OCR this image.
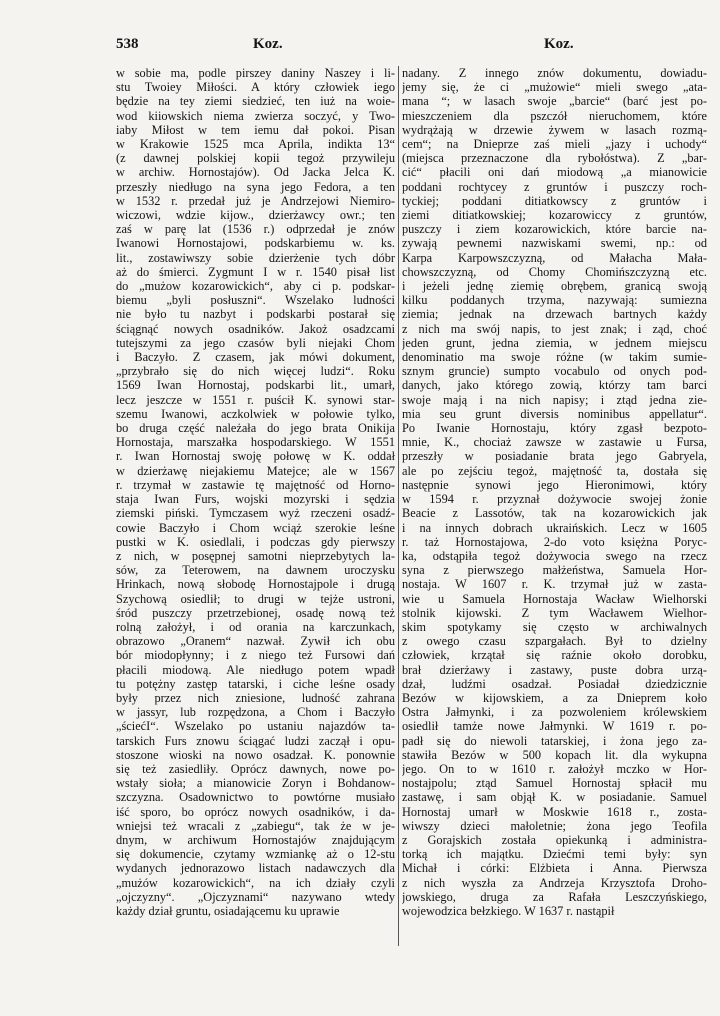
538	Koz.	Koz.
w sobie ma, podle pirszey daniny Naszey i li-
stu Twoiey Miłości. A który człowiek iego
będzie na tey ziemi siedzieć, ten iuż na woie-
wod kiiowskich niema zwierza soczyć, y Two-
iaby Miłost w tem iemu dał pokoi. Pisan
w Krakowie 1525 mca Aprila, indikta 13“
(z dawnej polskiej kopii tegoż przywileju
w archiw. Hornostajów). Od Jacka Jelca K.
przeszły niedługo na syna jego Fedora, a ten
w 1532 r. przedał już je Andrzejowi Niemiro-
wiczowi, wdzie kijow., dzierżawcy owr.; ten
zaś w parę lat (1536 r.) odprzedał je znów
Iwanowi Hornostajowi, podskarbiemu w. ks.
lit., zostawiwszy sobie dzierżenie tych dóbr
aż do śmierci. Zygmunt I w r. 1540 pisał list
do „mużow kozarowickich“, aby ci p. podskar-
biemu „byli posłuszni“. Wszelako ludności
nie było tu nazbyt i podskarbi postarał się
ściągnąć nowych osadników. Jakoż osadzcami
tutejszymi za jego czasów byli niejaki Chom
i Baczyło. Z czasem, jak mówi dokument,
„przybrało się do nich więcej ludzi“. Roku
1569 Iwan Hornostaj, podskarbi lit., umarł,
lecz jeszcze w 1551 r. puścił K. synowi star-
szemu Iwanowi, aczkolwiek w połowie tylko,
bo druga część należała do jego brata Onikija
Hornostaja, marszałka hospodarskiego. W 1551
r. Iwan Hornostaj swoję połowę w K. oddał
w dzierżawę niejakiemu Matejce; ale w 1567
r. trzymał w zastawie tę majętność od Horno-
staja Iwan Furs, wojski mozyrski i sędzia
ziemski piński. Tymczasem wyż rzeczeni osadź-
cowie Baczyło i Chom wciąż szerokie leśne
pustki w K. osiedlali, i podczas gdy pierwszy
z nich, w posępnej samotni nieprzebytych la-
sów, za Teterowem, na dawnem uroczysku
Hrinkach, nową słobodę Hornostajpole i drugą
Szychową osiedlił; to drugi w tejże ustroni,
śród puszczy przetrzebionej, osadę nową też
rolną założył, i od orania na karczunkach,
obrazowo „Oranem“ nazwał. Zywił ich obu
bór miodopłynny; i z niego też Fursowi dań
płacili miodową. Ale niedługo potem wpadł
tu potężny zastęp tatarski, i ciche leśne osady
były przez nich zniesione, ludność zahrana
w jassyr, lub rozpędzona, a Chom i Baczyło
„ściećI“. Wszelako po ustaniu najazdów ta-
tarskich Furs znowu ściągać ludzi zaczął i opu-
stoszone wioski na nowo osadzał. K. ponownie
się też zasiedliły. Oprócz dawnych, nowe po-
wstały sioła; a mianowicie Zoryn i Bohdanow-
szczyzna. Osadownictwo to powtórne musiało
iść sporo, bo oprócz nowych osadników, i da-
wniejsi też wracali z „zabiegu“, tak że w je-
dnym, w archiwum Hornostajów znajdującym
się dokumencie, czytamy wzmiankę aż o 12-stu
wydanych jednorazowo listach nadawczych dla
„mużów kozarowickich“, na ich działy czyli
„ojczyzny“. „Ojczyznami“ nazywano wtedy
każdy dział gruntu, osiadającemu ku uprawie
nadany. Z innego znów dokumentu, dowiadu-
jemy się, że ci „mużowie“ mieli swego „ata-
mana “; w lasach swoje „barcie“ (barć jest po-
mieszczeniem dla pszczół nieruchomem, które
wydrążają w drzewie żywem w lasach rozmą-
cem“; na Dnieprze zaś mieli „jazy i uchody“
(miejsca przeznaczone dla rybołóstwa). Z „bar-
cić“ płacili oni dań miodową „a mianowicie
poddani rochtycey z gruntów i puszczy roch-
tyckiej; poddani ditiatkowscy z gruntów i
ziemi ditiatkowskiej; kozarowiccy z gruntów,
puszczy i ziem kozarowickich, które barcie na-
zywają pewnemi nazwiskami swemi, np.: od
Karpa Karpowszczyzną, od Małacha Mała-
chowszczyzną, od Chomy Chomińszczyzną etc.
i jeżeli jednę ziemię obrębem, granicą swoją
kilku poddanych trzyma, nazywają: sumiezna
ziemia; jednak na drzewach bartnych każdy
z nich ma swój napis, to jest znak; i ząd, choć
jeden grunt, jedna ziemia, w jednem miejscu
denominatio ma swoje różne (w takim sumie-
sznym gruncie) sumpto vocabulo od onych pod-
danych, jako którego zowią, którzy tam barci
swoje mają i na nich napisy; i ztąd jedna zie-
mia seu grunt diversis nominibus appellatur“.
Po Iwanie Hornostaju, który zgasł bezpoto-
mnie, K., chociaż zawsze w zastawie u Fursa,
przeszły w posiadanie brata jego Gabryela,
ale po zejściu tegoż, majętność ta, dostała się
następnie synowi jego Hieronimowi, który
w 1594 r. przyznał dożywocie swojej żonie
Beacie z Lassotów, tak na kozarowickich jak
i na innych dobrach ukraińskich. Lecz w 1605
r. taż Hornostajowa, 2-do voto księżna Poryc-
ka, odstąpiła tegoż dożywocia swego na rzecz
syna z pierwszego małżeństwa, Samuela Hor-
nostaja. W 1607 r. K. trzymał już w zastа-
wie u Samuela Hornostaja Wacław Wielhorski
stolnik kijowski. Z tym Wacławem Wielhor-
skim spotykamy się często w archiwalnych
z owego czasu szpargałach. Był to dzielny
człowiek, krzątał się raźnie około dorobku,
brał dzierżawy i zastawy, puste dobra urzą-
dzał, ludźmi osadzał. Posiadał dziedzicznie
Bezów w kijowskiem, a za Dnieprem koło
Ostra Jałmynki, i za pozwoleniem królewskiem
osiedlił tamże nowe Jałmynki. W 1619 r. po-
padł się do niewoli tatarskiej, i żona jego za-
stawiła Bezów w 500 kopach lit. dla wykupna
jego. On to w 1610 r. założył mczko w Hor-
nostajpolu; ztąd Samuel Hornostaj spłacił mu
zastawę, i sam objął K. w posiadanie. Samuel
Hornostaj umarł w Moskwie 1618 r., zosta-
wiwszy dzieci małoletnie; żona jego Teofila
z Gorajskich została opiekunką i administra-
torką ich majątku. Dziećmi temi były: syn
Michał i córki: Elżbieta i Anna. Pierwsza
z nich wyszła za Andrzeja Krzysztofa Droho-
jowskiego, druga za Rafała Leszczyńskiego,
wojewodzica bełzkiego. W 1637 r. nastąpił
